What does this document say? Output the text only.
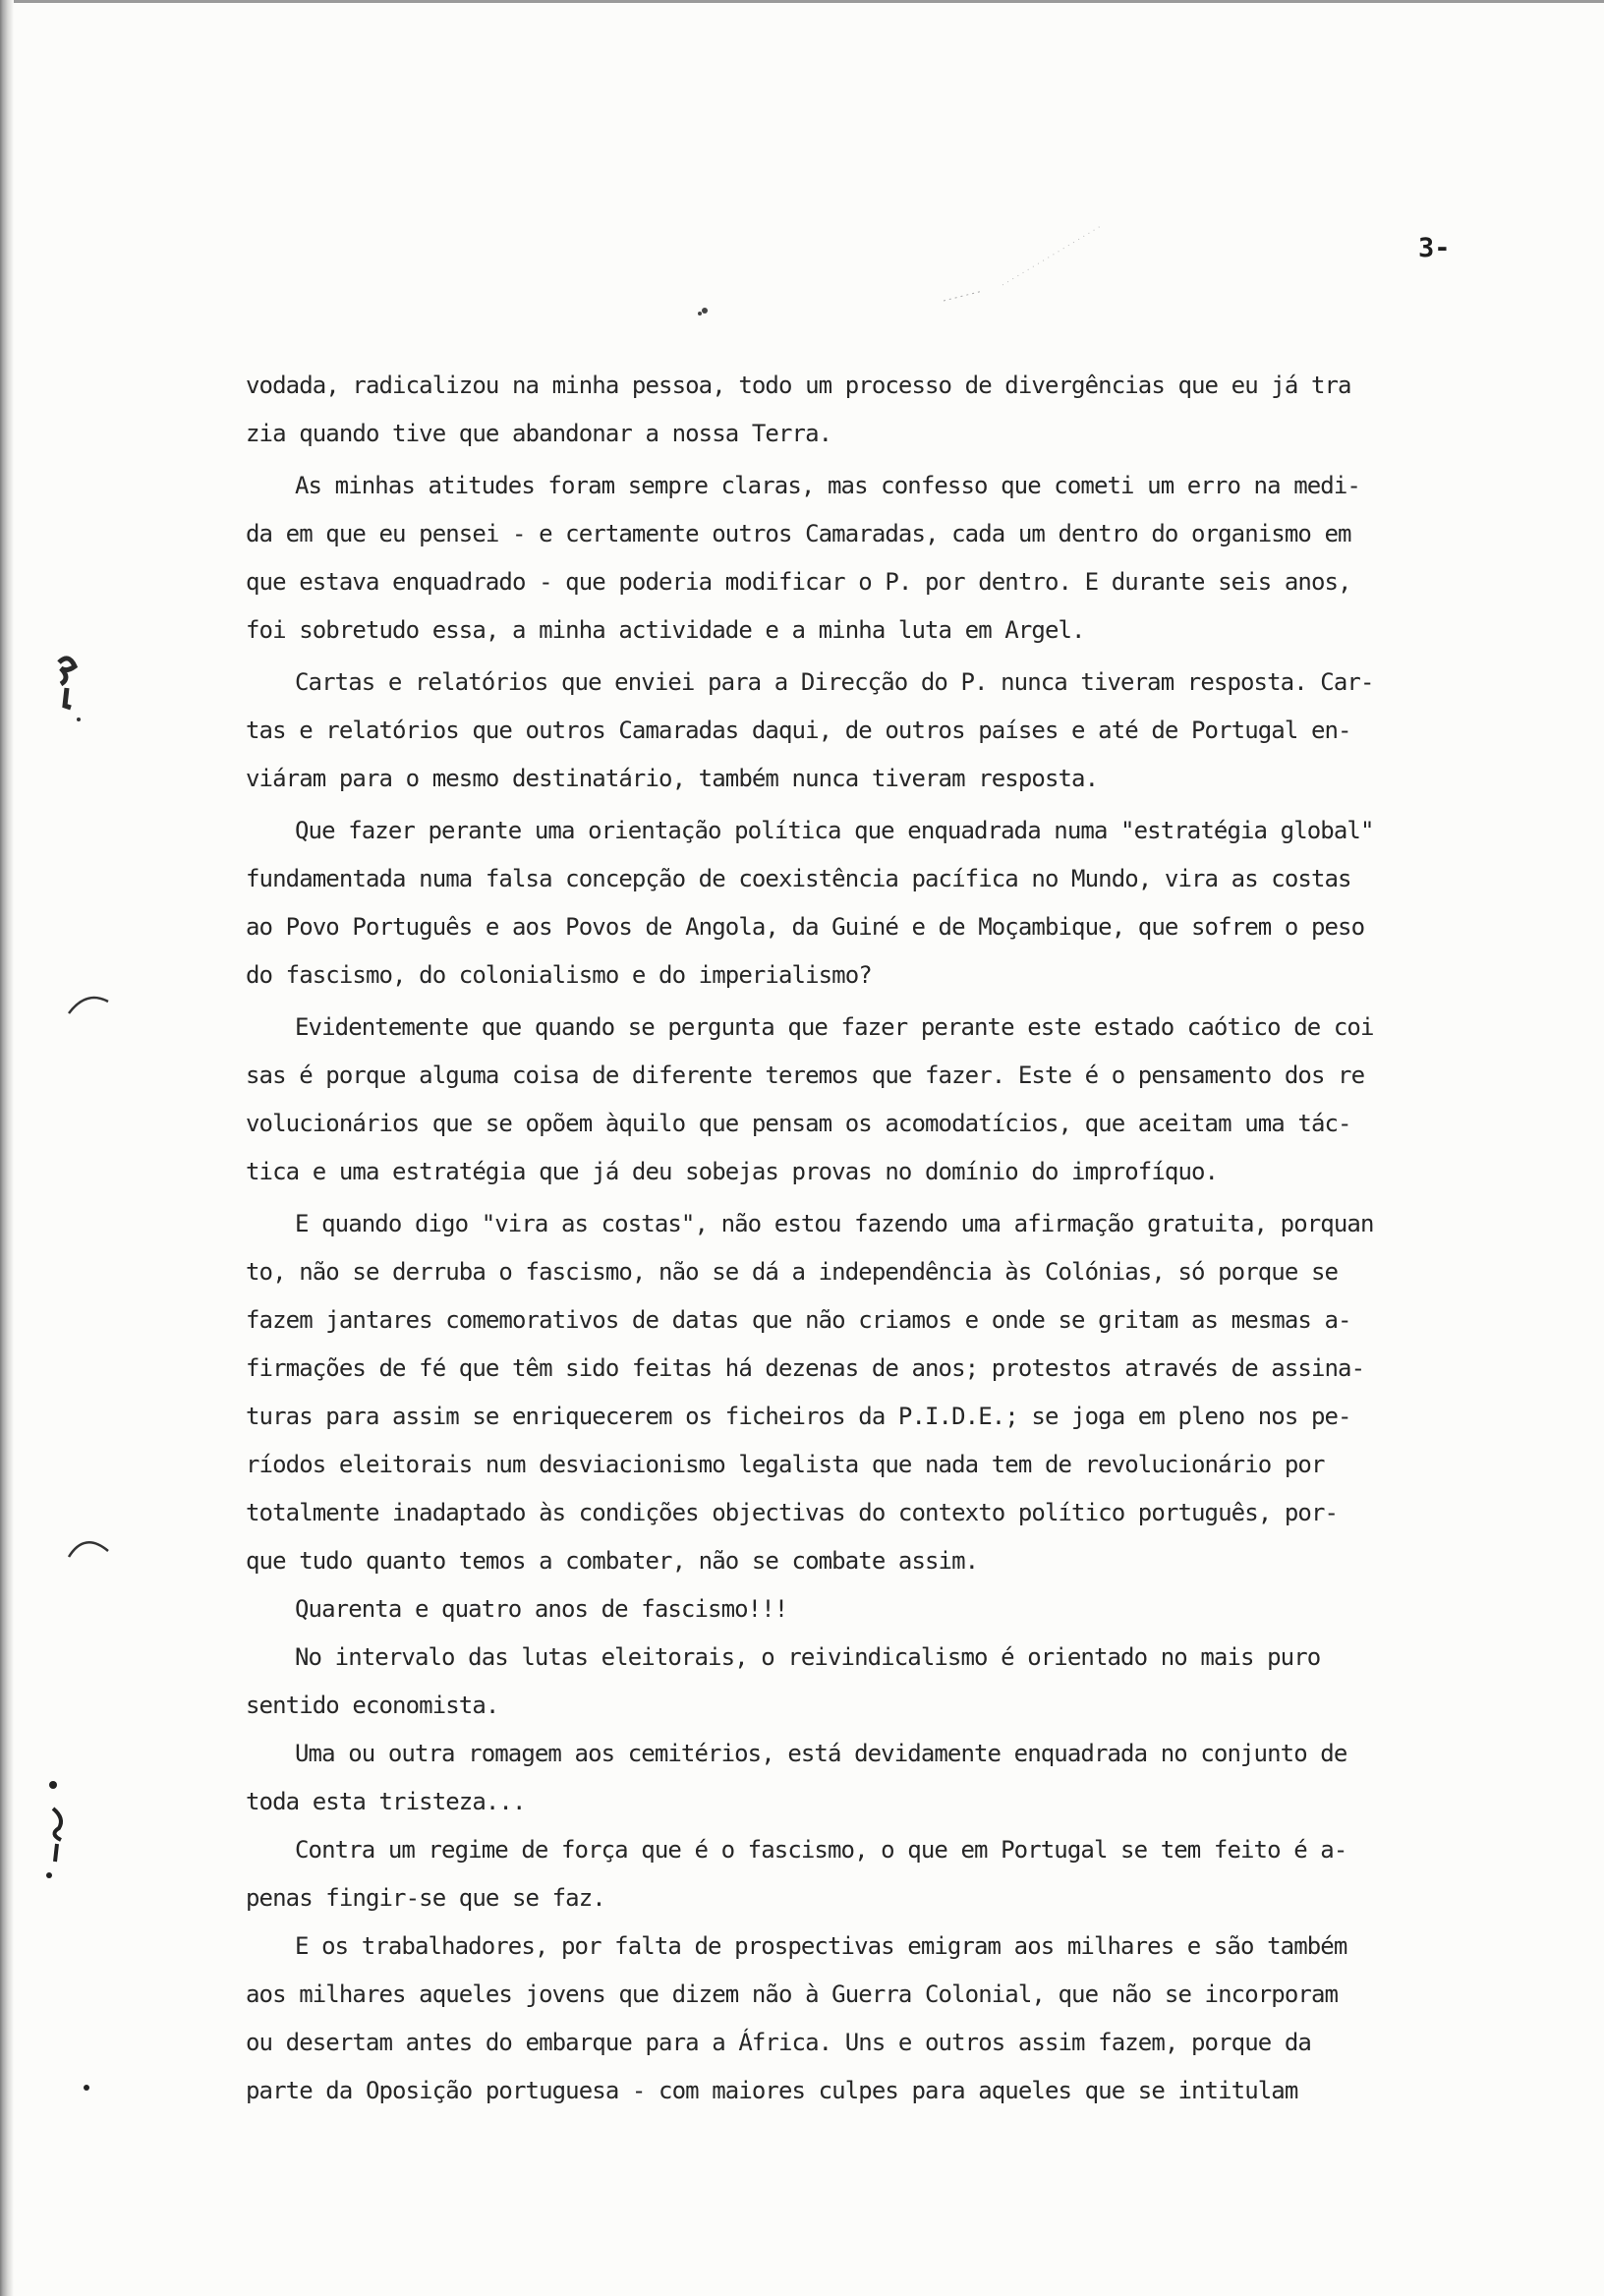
3-
vodada, radicalizou na minha pessoa, todo um processo de divergências que eu já tra
zia quando tive que abandonar a nossa Terra.
As minhas atitudes foram sempre claras, mas confesso que cometi um erro na medi-
da em que eu pensei - e certamente outros Camaradas, cada um dentro do organismo em
que estava enquadrado - que poderia modificar o P. por dentro. E durante seis anos,
foi sobretudo essa, a minha actividade e a minha luta em Argel.
Cartas e relatórios que enviei para a Direcção do P. nunca tiveram resposta. Car-
tas e relatórios que outros Camaradas daqui, de outros países e até de Portugal en-
viáram para o mesmo destinatário, também nunca tiveram resposta.
Que fazer perante uma orientação política que enquadrada numa "estratégia global"
fundamentada numa falsa concepção de coexistência pacífica no Mundo, vira as costas
ao Povo Português e aos Povos de Angola, da Guiné e de Moçambique, que sofrem o peso
do fascismo, do colonialismo e do imperialismo?
Evidentemente que quando se pergunta que fazer perante este estado caótico de coi
sas é porque alguma coisa de diferente teremos que fazer. Este é o pensamento dos re
volucionários que se opõem àquilo que pensam os acomodatícios, que aceitam uma tác-
tica e uma estratégia que já deu sobejas provas no domínio do improfíquo.
E quando digo "vira as costas", não estou fazendo uma afirmação gratuita, porquan
to, não se derruba o fascismo, não se dá a independência às Colónias, só porque se
fazem jantares comemorativos de datas que não criamos e onde se gritam as mesmas a-
firmações de fé que têm sido feitas há dezenas de anos; protestos através de assina-
turas para assim se enriquecerem os ficheiros da P.I.D.E.; se joga em pleno nos pe-
ríodos eleitorais num desviacionismo legalista que nada tem de revolucionário por
totalmente inadaptado às condições objectivas do contexto político português, por-
que tudo quanto temos a combater, não se combate assim.
Quarenta e quatro anos de fascismo!!!
No intervalo das lutas eleitorais, o reivindicalismo é orientado no mais puro
sentido economista.
Uma ou outra romagem aos cemitérios, está devidamente enquadrada no conjunto de
toda esta tristeza...
Contra um regime de força que é o fascismo, o que em Portugal se tem feito é a-
penas fingir-se que se faz.
E os trabalhadores, por falta de prospectivas emigram aos milhares e são também
aos milhares aqueles jovens que dizem não à Guerra Colonial, que não se incorporam
ou desertam antes do embarque para a África. Uns e outros assim fazem, porque da
parte da Oposição portuguesa - com maiores culpes para aqueles que se intitulam
